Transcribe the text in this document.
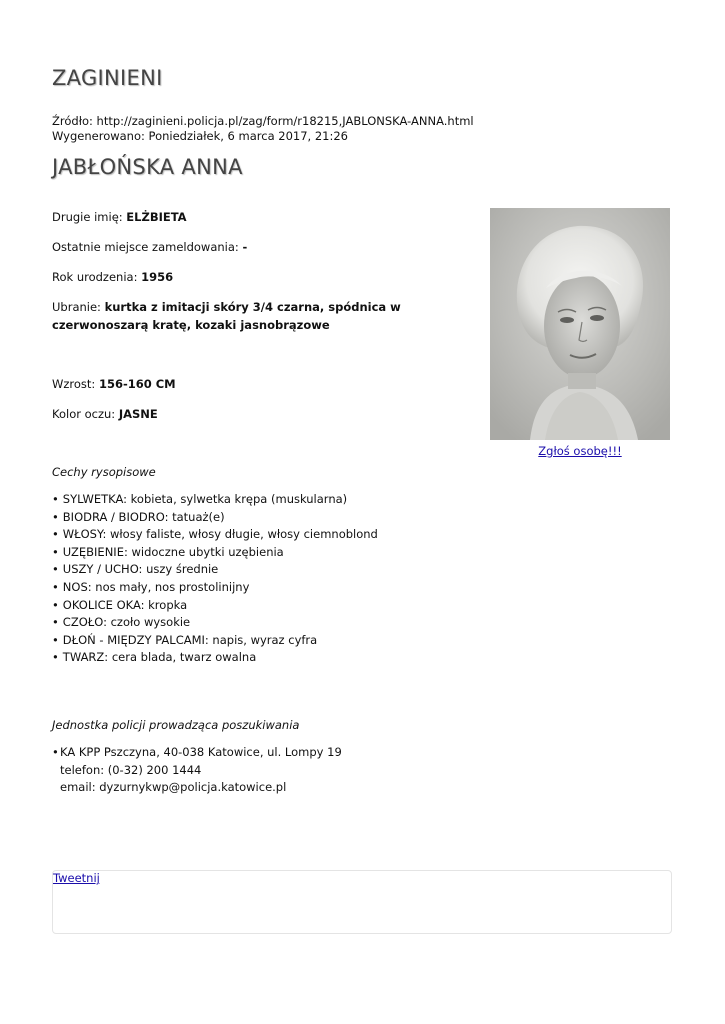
ZAGINIENI
Źródło: http://zaginieni.policja.pl/zag/form/r18215,JABLONSKA-ANNA.html
Wygenerowano: Poniedziałek, 6 marca 2017, 21:26
JABŁOŃSKA ANNA
Drugie imię: ELŻBIETA
Ostatnie miejsce zameldowania: -
Rok urodzenia: 1956
Ubranie: kurtka z imitacji skóry 3/4 czarna, spódnica w czerwonoszarą kratę, kozaki jasnobrązowe
Wzrost: 156-160 CM
Kolor oczu: JASNE
Zgłoś osobę!!!
Cechy rysopisowe
• SYLWETKA: kobieta, sylwetka krępa (muskularna)
• BIODRA / BIODRO: tatuaż(e)
• WŁOSY: włosy faliste, włosy długie, włosy ciemnoblond
• UZĘBIENIE: widoczne ubytki uzębienia
• USZY / UCHO: uszy średnie
• NOS: nos mały, nos prostolinijny
• OKOLICE OKA: kropka
• CZOŁO: czoło wysokie
• DŁOŃ - MIĘDZY PALCAMI: napis, wyraz cyfra
• TWARZ: cera blada, twarz owalna
Jednostka policji prowadząca poszukiwania
•KA KPP Pszczyna, 40-038 Katowice, ul. Lompy 19
telefon: (0-32) 200 1444
email: dyzurnykwp@policja.katowice.pl
Tweetnij
